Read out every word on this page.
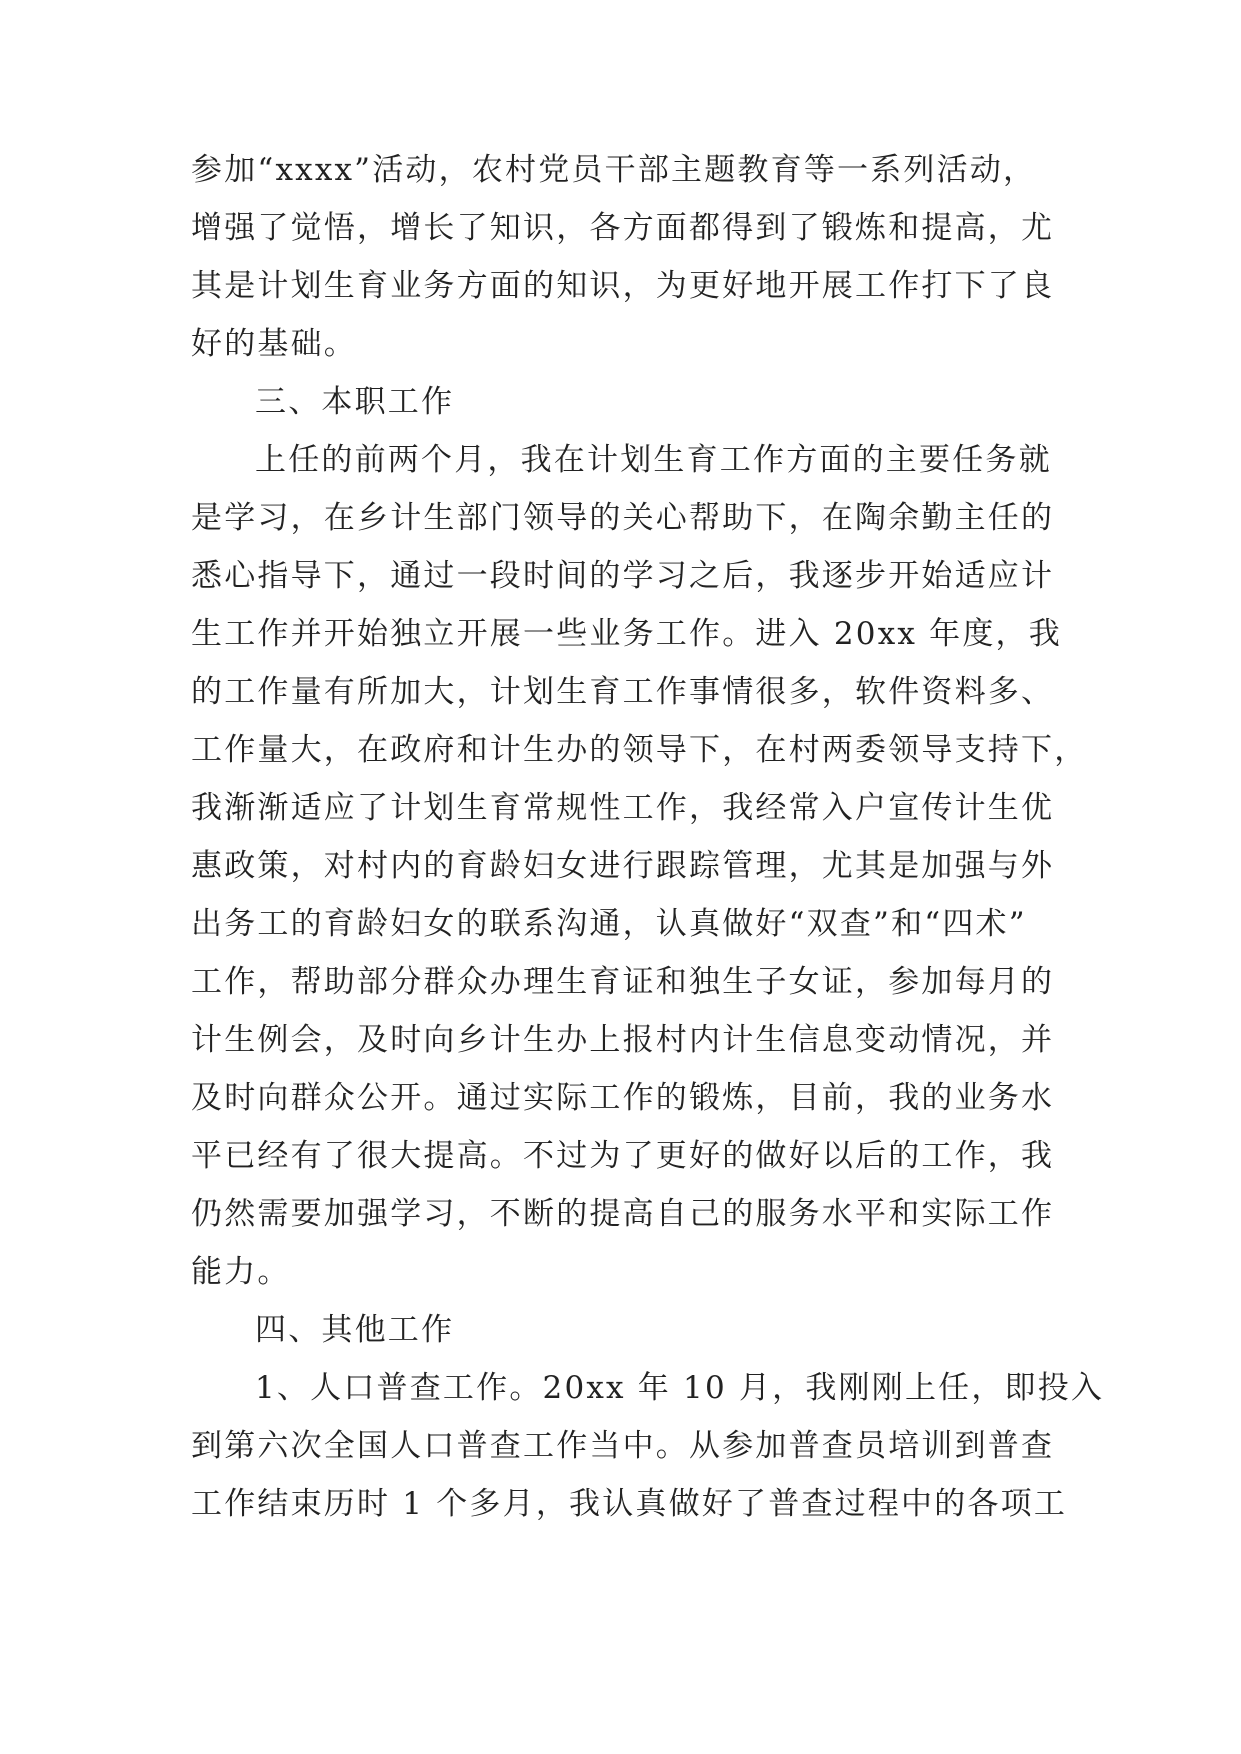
参加“xxxx”活动，农村党员干部主题教育等一系列活动，
增强了觉悟，增长了知识，各方面都得到了锻炼和提高，尤
其是计划生育业务方面的知识，为更好地开展工作打下了良
好的基础。
三、本职工作
上任的前两个月，我在计划生育工作方面的主要任务就
是学习，在乡计生部门领导的关心帮助下，在陶余勤主任的
悉心指导下，通过一段时间的学习之后，我逐步开始适应计
生工作并开始独立开展一些业务工作。进入 20xx 年度，我
的工作量有所加大，计划生育工作事情很多，软件资料多、
工作量大，在政府和计生办的领导下，在村两委领导支持下，
我渐渐适应了计划生育常规性工作，我经常入户宣传计生优
惠政策，对村内的育龄妇女进行跟踪管理，尤其是加强与外
出务工的育龄妇女的联系沟通，认真做好“双查”和“四术”
工作，帮助部分群众办理生育证和独生子女证，参加每月的
计生例会，及时向乡计生办上报村内计生信息变动情况，并
及时向群众公开。通过实际工作的锻炼，目前，我的业务水
平已经有了很大提高。不过为了更好的做好以后的工作，我
仍然需要加强学习，不断的提高自己的服务水平和实际工作
能力。
四、其他工作
1、人口普查工作。20xx 年 10 月，我刚刚上任，即投入
到第六次全国人口普查工作当中。从参加普查员培训到普查
工作结束历时 1 个多月，我认真做好了普查过程中的各项工
